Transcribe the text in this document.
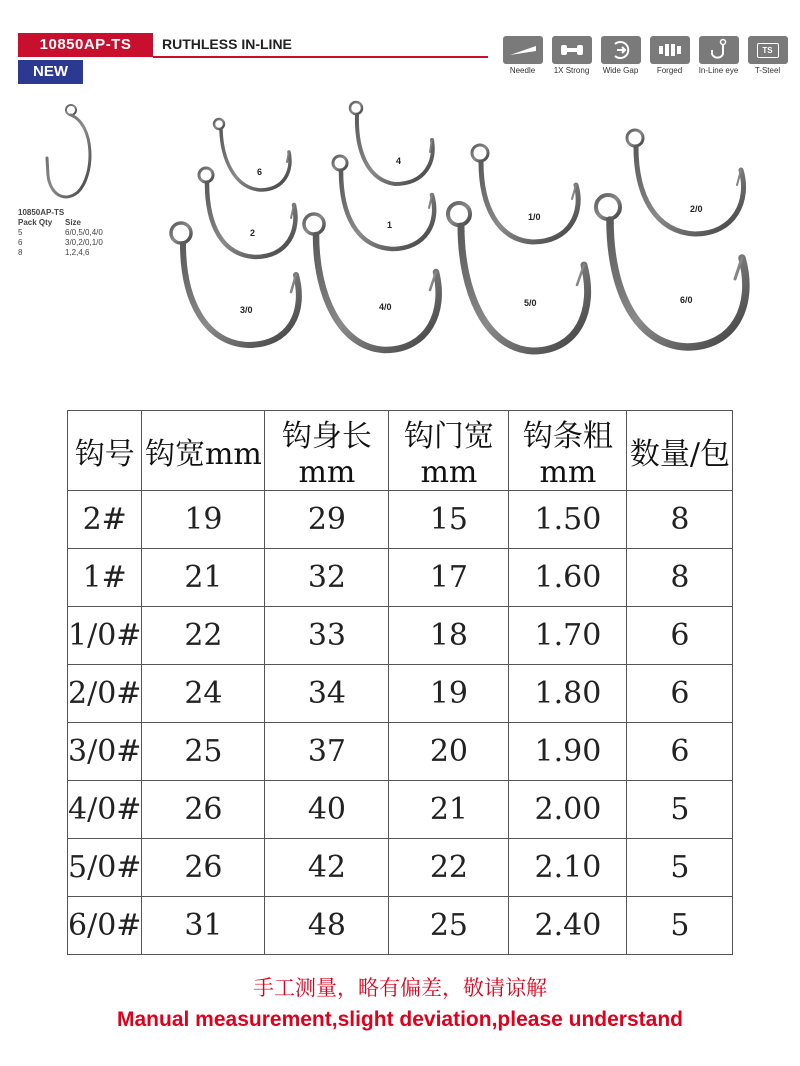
10850AP-TS
NEW
RUTHLESS IN-LINE
Needle 1X Strong Wide Gap Forged In-Line eye
TS
T-Steel
6
4
2
1
1/0
2/0
3/0	4/0	5/0	6/0
10850AP-TS
Pack Qty	Size
5	6/0,5/0,4/0
6	3/0,2/0,1/0
8	1,2,4,6
钩号	钩宽mm	钩身长mm	钩门宽mm	钩条粗mm	数量/包
2#	19	29	15	1.50	8
1#	21	32	17	1.60	8
1/0#	22	33	18	1.70	6
2/0#	24	34	19	1.80	6
3/0#	25	37	20	1.90	6
4/0#	26	40	21	2.00	5
5/0#	26	42	22	2.10	5
6/0#	31	48	25	2.40	5
手工测量，略有偏差，敬请谅解
Manual measurement,slight deviation,please understand
